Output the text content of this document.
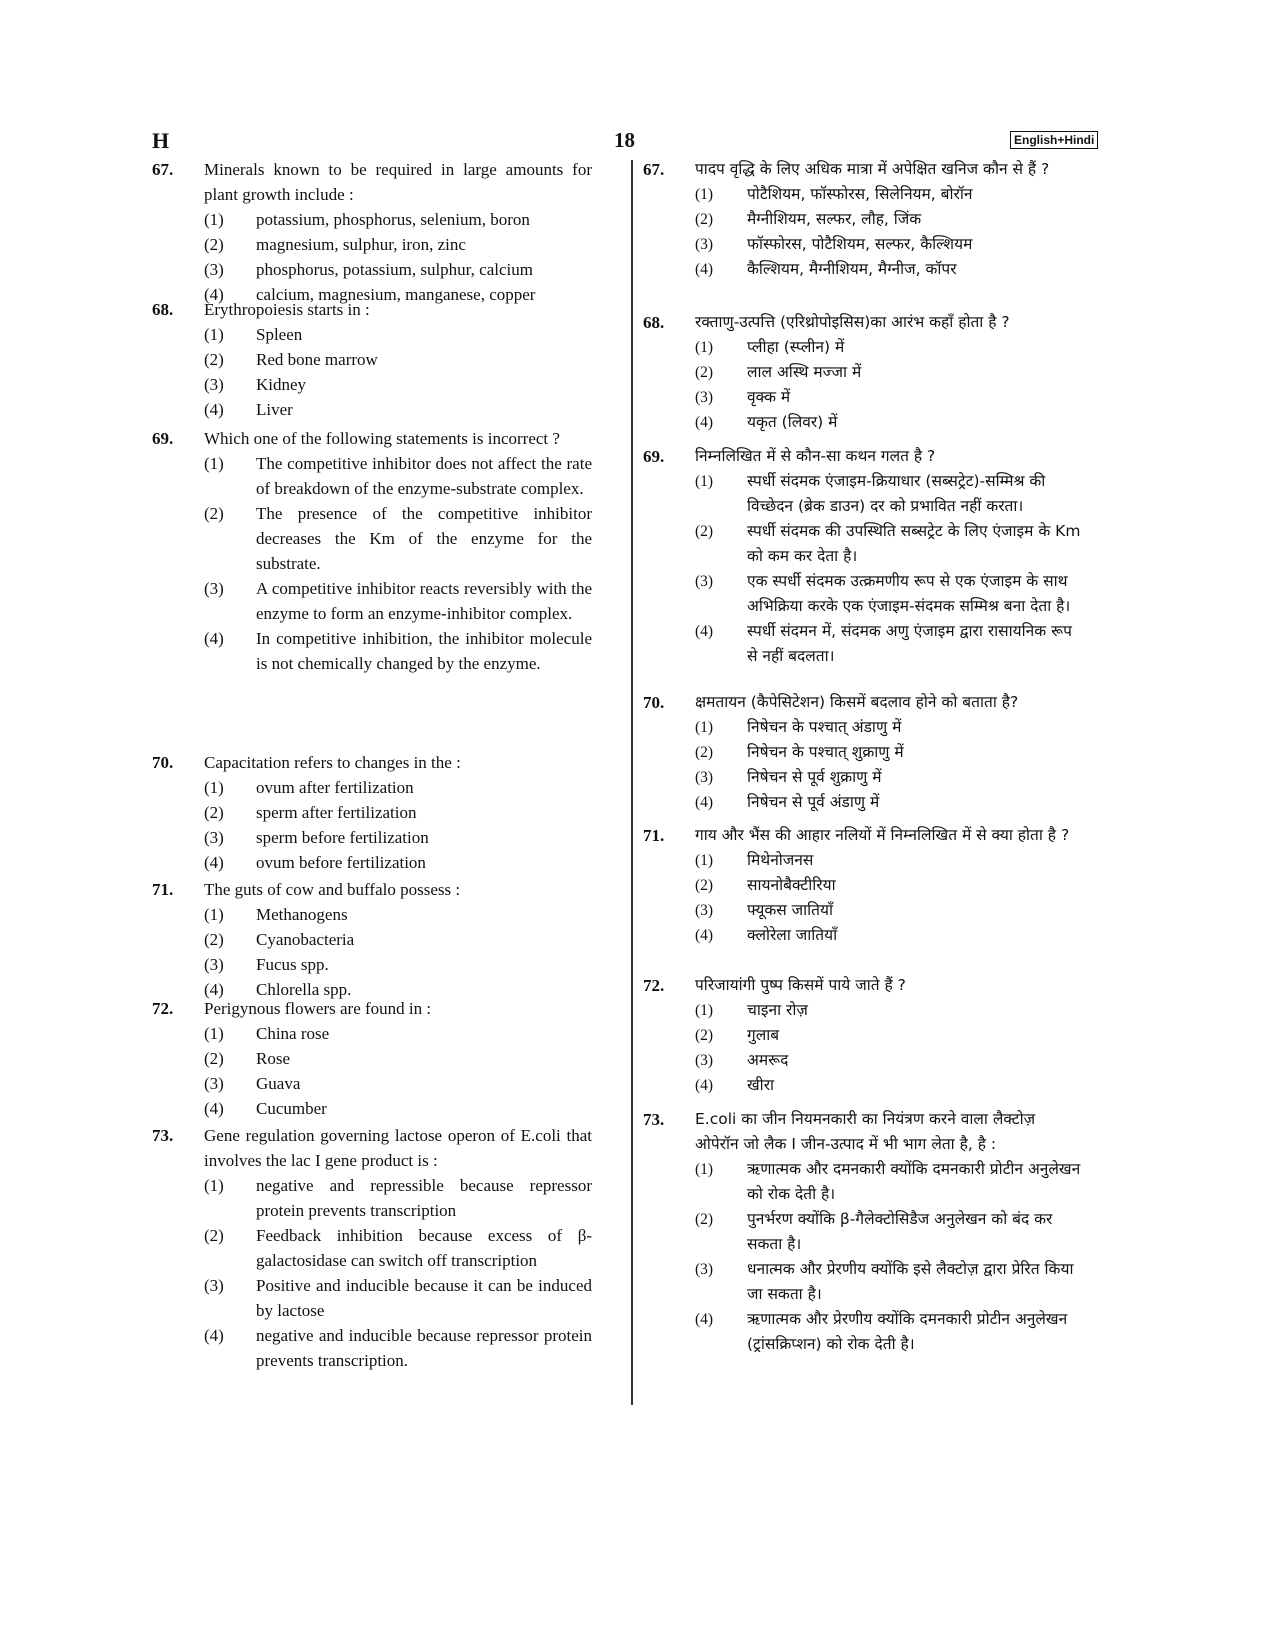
H	18	English+Hindi
67. Minerals known to be required in large amounts for plant growth include :
(1) potassium, phosphorus, selenium, boron
(2) magnesium, sulphur, iron, zinc
(3) phosphorus, potassium, sulphur, calcium
(4) calcium, magnesium, manganese, copper
68. Erythropoiesis starts in :
(1) Spleen
(2) Red bone marrow
(3) Kidney
(4) Liver
69. Which one of the following statements is incorrect ?
(1) The competitive inhibitor does not affect the rate of breakdown of the enzyme-substrate complex.
(2) The presence of the competitive inhibitor decreases the Km of the enzyme for the substrate.
(3) A competitive inhibitor reacts reversibly with the enzyme to form an enzyme-inhibitor complex.
(4) In competitive inhibition, the inhibitor molecule is not chemically changed by the enzyme.
70. Capacitation refers to changes in the :
(1) ovum after fertilization
(2) sperm after fertilization
(3) sperm before fertilization
(4) ovum before fertilization
71. The guts of cow and buffalo possess :
(1) Methanogens
(2) Cyanobacteria
(3) Fucus spp.
(4) Chlorella spp.
72. Perigynous flowers are found in :
(1) China rose
(2) Rose
(3) Guava
(4) Cucumber
73. Gene regulation governing lactose operon of E.coli that involves the lac I gene product is :
(1) negative and repressible because repressor protein prevents transcription
(2) Feedback inhibition because excess of β-galactosidase can switch off transcription
(3) Positive and inducible because it can be induced by lactose
(4) negative and inducible because repressor protein prevents transcription.
67. पादप वृद्धि के लिए अधिक मात्रा में अपेक्षित खनिज कौन से हैं ?
(1) पोटैशियम, फॉस्फोरस, सिलेनियम, बोरॉन
(2) मैग्नीशियम, सल्फर, लौह, जिंक
(3) फॉस्फोरस, पोटैशियम, सल्फर, कैल्शियम
(4) कैल्शियम, मैग्नीशियम, मैग्नीज, कॉपर
68. रक्ताणु-उत्पत्ति (एरिथ्रोपोइसिस)का आरंभ कहाँ होता है ?
(1) प्लीहा (स्प्लीन) में
(2) लाल अस्थि मज्जा में
(3) वृक्क में
(4) यकृत (लिवर) में
69. निम्नलिखित में से कौन-सा कथन गलत है ?
(1) स्पर्धी संदमक एंजाइम-क्रियाधार (सब्सट्रेट)-सम्मिश्र की विच्छेदन (ब्रेक डाउन) दर को प्रभावित नहीं करता।
(2) स्पर्धी संदमक की उपस्थिति सब्सट्रेट के लिए एंजाइम के Km को कम कर देता है।
(3) एक स्पर्धी संदमक उत्क्रमणीय रूप से एक एंजाइम के साथ अभिक्रिया करके एक एंजाइम-संदमक सम्मिश्र बना देता है।
(4) स्पर्धी संदमन में, संदमक अणु एंजाइम द्वारा रासायनिक रूप से नहीं बदलता।
70. क्षमतायन (कैपेसिटेशन) किसमें बदलाव होने को बताता है?
(1) निषेचन के पश्चात् अंडाणु में
(2) निषेचन के पश्चात् शुक्राणु में
(3) निषेचन से पूर्व शुक्राणु में
(4) निषेचन से पूर्व अंडाणु में
71. गाय और भैंस की आहार नलियों में निम्नलिखित में से क्या होता है ?
(1) मिथेनोजनस
(2) सायनोबैक्टीरिया
(3) फ्यूकस जातियाँ
(4) क्लोरेला जातियाँ
72. परिजायांगी पुष्प किसमें पाये जाते हैं ?
(1) चाइना रोज़
(2) गुलाब
(3) अमरूद
(4) खीरा
73. E.coli का जीन नियमनकारी का नियंत्रण करने वाला लैक्टोज़ ओपेरॉन जो लैक I जीन-उत्पाद में भी भाग लेता है, है :
(1) ऋणात्मक और दमनकारी क्योंकि दमनकारी प्रोटीन अनुलेखन को रोक देती है।
(2) पुनर्भरण क्योंकि β-गैलेक्टोसिडैज अनुलेखन को बंद कर सकता है।
(3) धनात्मक और प्रेरणीय क्योंकि इसे लैक्टोज़ द्वारा प्रेरित किया जा सकता है।
(4) ऋणात्मक और प्रेरणीय क्योंकि दमनकारी प्रोटीन अनुलेखन (ट्रांसक्रिप्शन) को रोक देती है।
